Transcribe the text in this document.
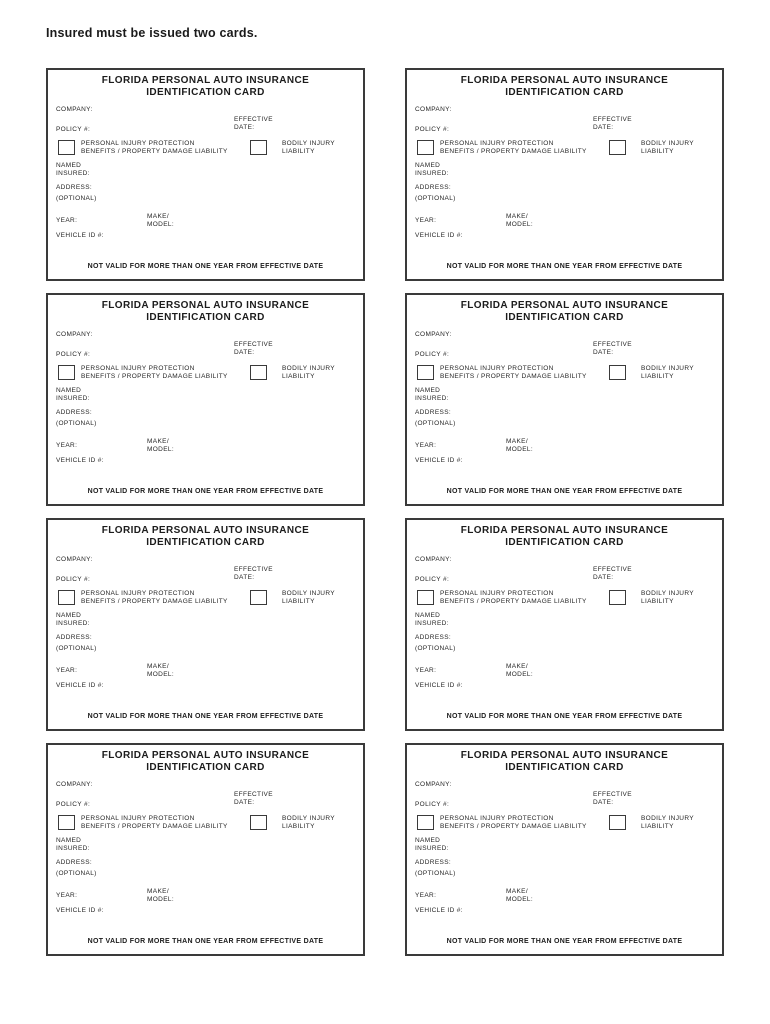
Insured must be issued two cards.
FLORIDA PERSONAL AUTO INSURANCE
IDENTIFICATION CARD
COMPANY:
POLICY #:
EFFECTIVE
DATE:
PERSONAL INJURY PROTECTION
BENEFITS / PROPERTY DAMAGE LIABILITY
BODILY INJURY
LIABILITY
NAMED
INSURED:
ADDRESS:
(OPTIONAL)
YEAR:
MAKE/
MODEL:
VEHICLE ID #:
NOT VALID FOR MORE THAN ONE YEAR FROM EFFECTIVE DATE
FLORIDA PERSONAL AUTO INSURANCE
IDENTIFICATION CARD
COMPANY:
POLICY #:
EFFECTIVE
DATE:
PERSONAL INJURY PROTECTION
BENEFITS / PROPERTY DAMAGE LIABILITY
BODILY INJURY
LIABILITY
NAMED
INSURED:
ADDRESS:
(OPTIONAL)
YEAR:
MAKE/
MODEL:
VEHICLE ID #:
NOT VALID FOR MORE THAN ONE YEAR FROM EFFECTIVE DATE
FLORIDA PERSONAL AUTO INSURANCE
IDENTIFICATION CARD
COMPANY:
POLICY #:
EFFECTIVE
DATE:
PERSONAL INJURY PROTECTION
BENEFITS / PROPERTY DAMAGE LIABILITY
BODILY INJURY
LIABILITY
NAMED
INSURED:
ADDRESS:
(OPTIONAL)
YEAR:
MAKE/
MODEL:
VEHICLE ID #:
NOT VALID FOR MORE THAN ONE YEAR FROM EFFECTIVE DATE
FLORIDA PERSONAL AUTO INSURANCE
IDENTIFICATION CARD
COMPANY:
POLICY #:
EFFECTIVE
DATE:
PERSONAL INJURY PROTECTION
BENEFITS / PROPERTY DAMAGE LIABILITY
BODILY INJURY
LIABILITY
NAMED
INSURED:
ADDRESS:
(OPTIONAL)
YEAR:
MAKE/
MODEL:
VEHICLE ID #:
NOT VALID FOR MORE THAN ONE YEAR FROM EFFECTIVE DATE
FLORIDA PERSONAL AUTO INSURANCE
IDENTIFICATION CARD
COMPANY:
POLICY #:
EFFECTIVE
DATE:
PERSONAL INJURY PROTECTION
BENEFITS / PROPERTY DAMAGE LIABILITY
BODILY INJURY
LIABILITY
NAMED
INSURED:
ADDRESS:
(OPTIONAL)
YEAR:
MAKE/
MODEL:
VEHICLE ID #:
NOT VALID FOR MORE THAN ONE YEAR FROM EFFECTIVE DATE
FLORIDA PERSONAL AUTO INSURANCE
IDENTIFICATION CARD
COMPANY:
POLICY #:
EFFECTIVE
DATE:
PERSONAL INJURY PROTECTION
BENEFITS / PROPERTY DAMAGE LIABILITY
BODILY INJURY
LIABILITY
NAMED
INSURED:
ADDRESS:
(OPTIONAL)
YEAR:
MAKE/
MODEL:
VEHICLE ID #:
NOT VALID FOR MORE THAN ONE YEAR FROM EFFECTIVE DATE
FLORIDA PERSONAL AUTO INSURANCE
IDENTIFICATION CARD
COMPANY:
POLICY #:
EFFECTIVE
DATE:
PERSONAL INJURY PROTECTION
BENEFITS / PROPERTY DAMAGE LIABILITY
BODILY INJURY
LIABILITY
NAMED
INSURED:
ADDRESS:
(OPTIONAL)
YEAR:
MAKE/
MODEL:
VEHICLE ID #:
NOT VALID FOR MORE THAN ONE YEAR FROM EFFECTIVE DATE
FLORIDA PERSONAL AUTO INSURANCE
IDENTIFICATION CARD
COMPANY:
POLICY #:
EFFECTIVE
DATE:
PERSONAL INJURY PROTECTION
BENEFITS / PROPERTY DAMAGE LIABILITY
BODILY INJURY
LIABILITY
NAMED
INSURED:
ADDRESS:
(OPTIONAL)
YEAR:
MAKE/
MODEL:
VEHICLE ID #:
NOT VALID FOR MORE THAN ONE YEAR FROM EFFECTIVE DATE
